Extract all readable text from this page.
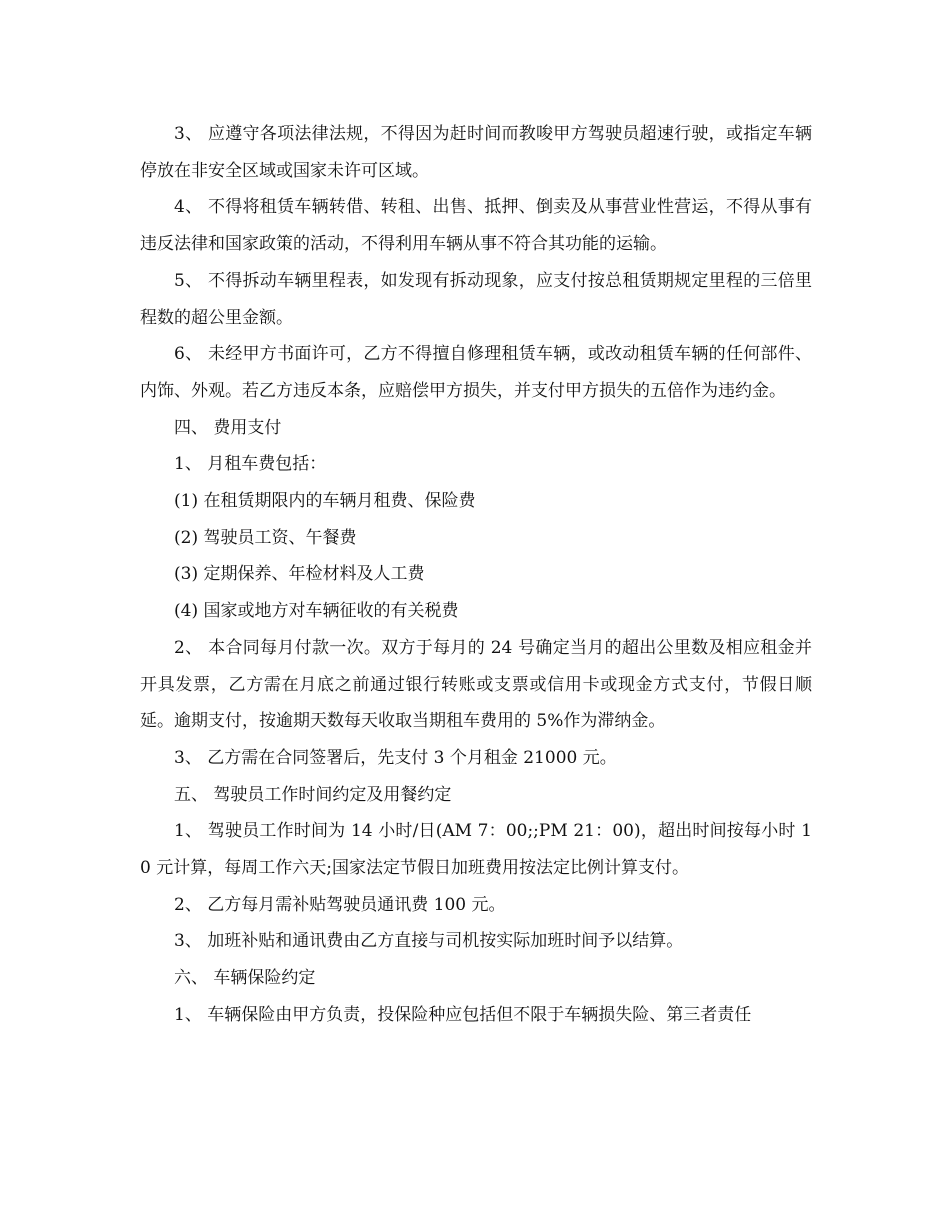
3、 应遵守各项法律法规，不得因为赶时间而教唆甲方驾驶员超速行驶，或指定车辆停放在非安全区域或国家未许可区域。

4、 不得将租赁车辆转借、转租、出售、抵押、倒卖及从事营业性营运，不得从事有违反法律和国家政策的活动，不得利用车辆从事不符合其功能的运输。

5、 不得拆动车辆里程表，如发现有拆动现象，应支付按总租赁期规定里程的三倍里程数的超公里金额。

6、 未经甲方书面许可，乙方不得擅自修理租赁车辆，或改动租赁车辆的任何部件、内饰、外观。若乙方违反本条，应赔偿甲方损失，并支付甲方损失的五倍作为违约金。

四、 费用支付

1、 月租车费包括：

(1) 在租赁期限内的车辆月租费、保险费

(2) 驾驶员工资、午餐费

(3) 定期保养、年检材料及人工费

(4) 国家或地方对车辆征收的有关税费

2、 本合同每月付款一次。双方于每月的 24 号确定当月的超出公里数及相应租金并开具发票，乙方需在月底之前通过银行转账或支票或信用卡或现金方式支付，节假日顺延。逾期支付，按逾期天数每天收取当期租车费用的 5%作为滞纳金。

3、 乙方需在合同签署后，先支付 3 个月租金 21000 元。

五、 驾驶员工作时间约定及用餐约定

1、 驾驶员工作时间为 14 小时/日(AM 7：00;;PM 21：00)，超出时间按每小时 10 元计算，每周工作六天;国家法定节假日加班费用按法定比例计算支付。

2、 乙方每月需补贴驾驶员通讯费 100 元。

3、 加班补贴和通讯费由乙方直接与司机按实际加班时间予以结算。

六、 车辆保险约定

1、 车辆保险由甲方负责，投保险种应包括但不限于车辆损失险、第三者责任
